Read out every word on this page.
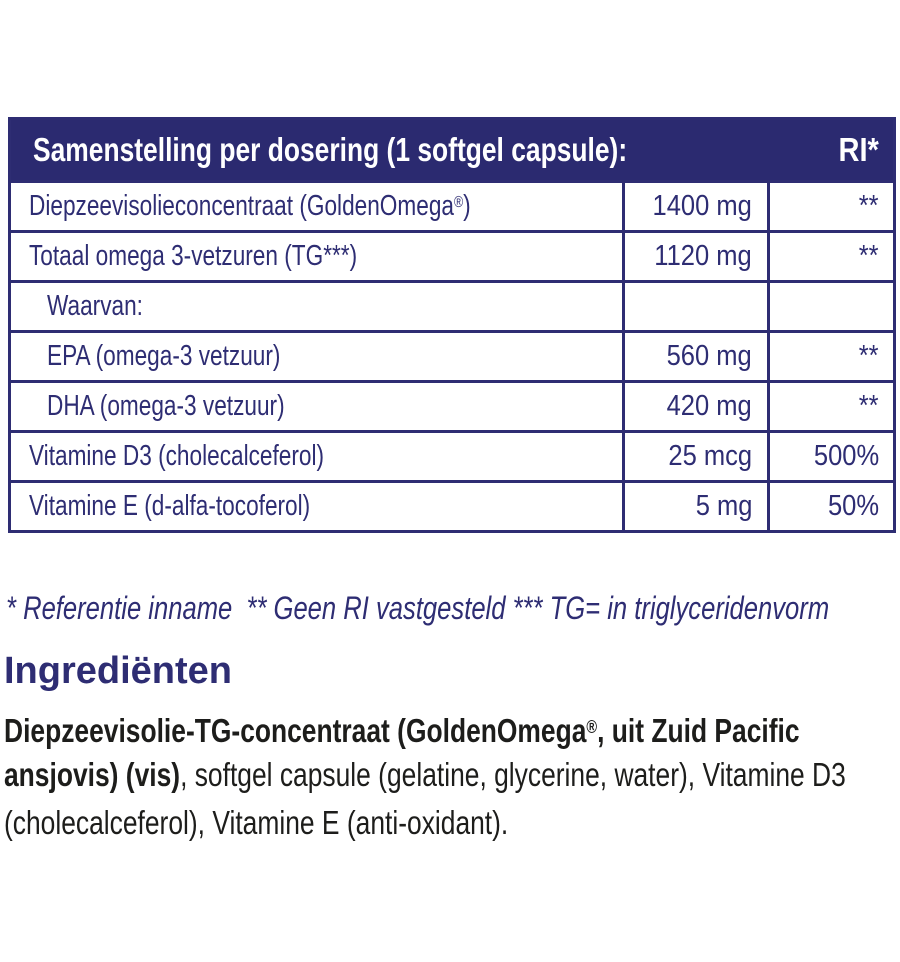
Samenstelling per dosering (1 softgel capsule): RI*		

Diepzeevisolieconcentraat (GoldenOmega®)	1400 mg	**
Totaal omega 3-vetzuren (TG***)	1120 mg	**
Waarvan:		
EPA (omega-3 vetzuur)	560 mg	**
DHA (omega-3 vetzuur)	420 mg	**
Vitamine D3 (cholecalceferol)	25 mcg	500%
Vitamine E (d-alfa-tocoferol)	5 mg	50%
* Referentie inname  ** Geen RI vastgesteld *** TG= in triglyceridenvorm
Ingrediënten
Diepzeevisolie-TG-concentraat (GoldenOmega®, uit Zuid Pacific
ansjovis) (vis), softgel capsule (gelatine, glycerine, water), Vitamine D3
(cholecalceferol), Vitamine E (anti-oxidant).
